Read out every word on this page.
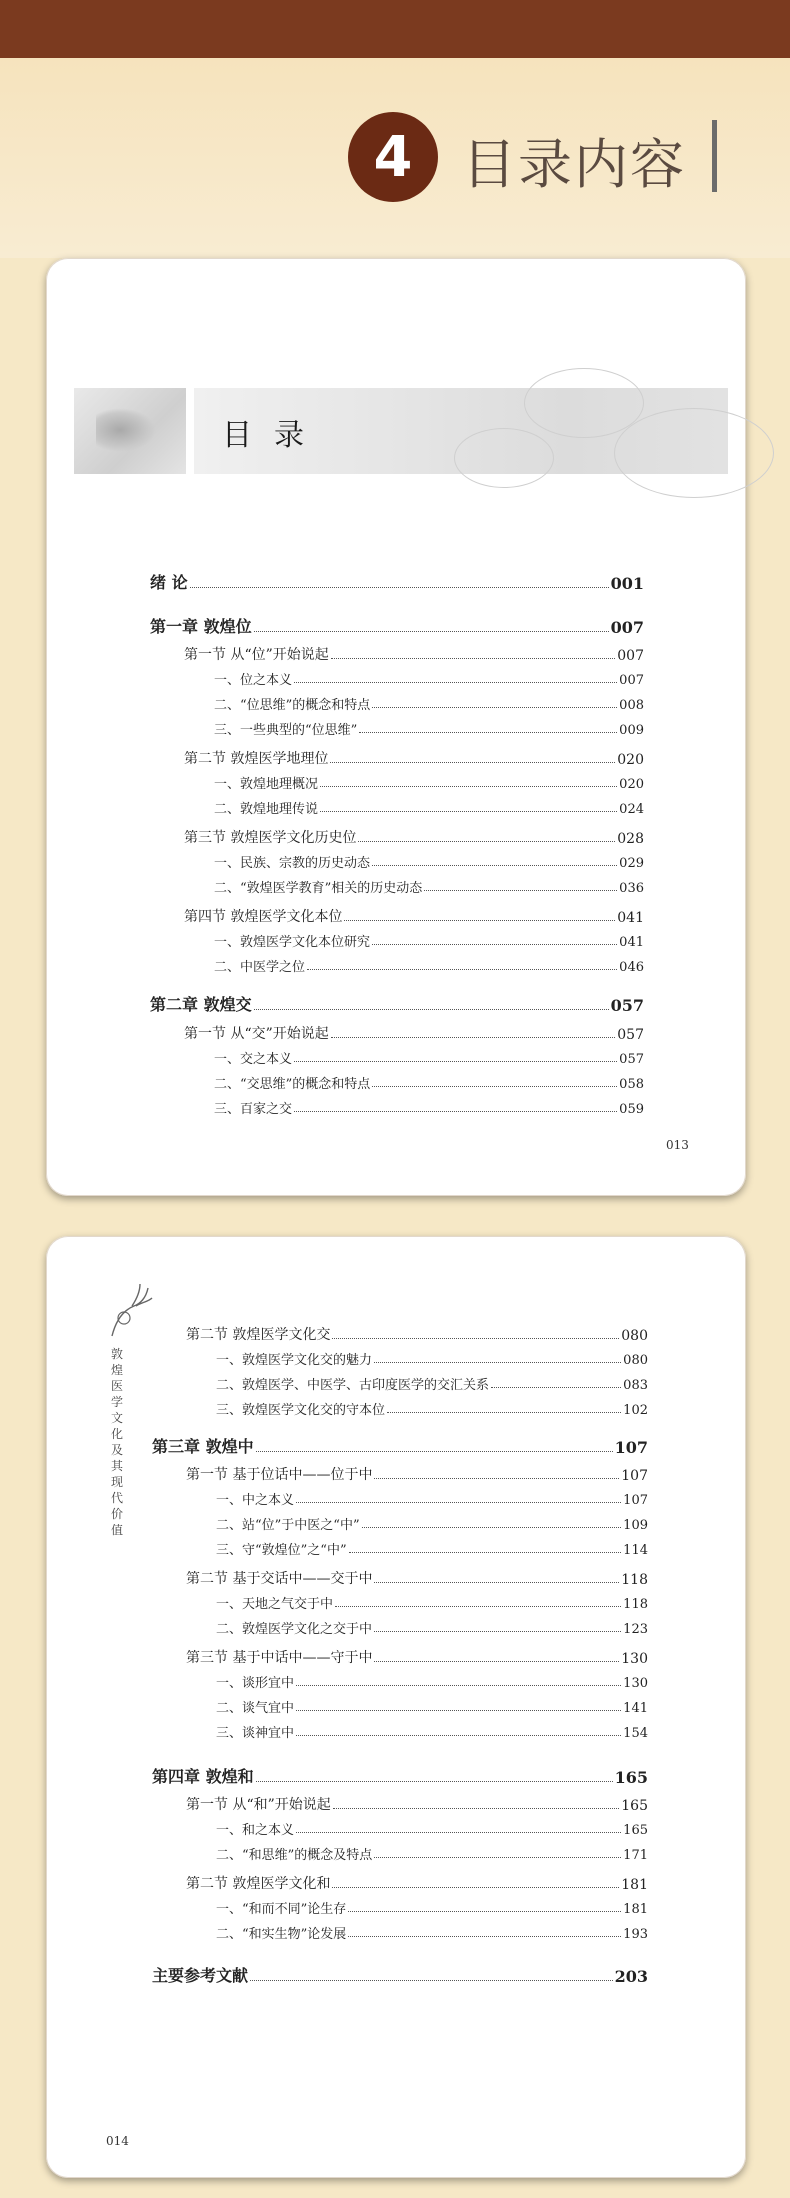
4 目录内容
目录
绪 论	001
第一章 敦煌位	007
第一节 从“位”开始说起	007
一、位之本义	007
二、“位思维”的概念和特点	008
三、一些典型的“位思维”	009
第二节 敦煌医学地理位	020
一、敦煌地理概况	020
二、敦煌地理传说	024
第三节 敦煌医学文化历史位	028
一、民族、宗教的历史动态	029
二、“敦煌医学教育”相关的历史动态	036
第四节 敦煌医学文化本位	041
一、敦煌医学文化本位研究	041
二、中医学之位	046
第二章 敦煌交	057
第一节 从“交”开始说起	057
一、交之本义	057
二、“交思维”的概念和特点	058
三、百家之交	059
013
敦煌医学文化及其现代价值
第二节 敦煌医学文化交	080
一、敦煌医学文化交的魅力	080
二、敦煌医学、中医学、古印度医学的交汇关系	083
三、敦煌医学文化交的守本位	102
第三章 敦煌中	107
第一节 基于位话中——位于中	107
一、中之本义	107
二、站“位”于中医之“中”	109
三、守“敦煌位”之“中”	114
第二节 基于交话中——交于中	118
一、天地之气交于中	118
二、敦煌医学文化之交于中	123
第三节 基于中话中——守于中	130
一、谈形宜中	130
二、谈气宜中	141
三、谈神宜中	154
第四章 敦煌和	165
第一节 从“和”开始说起	165
一、和之本义	165
二、“和思维”的概念及特点	171
第二节 敦煌医学文化和	181
一、“和而不同”论生存	181
二、“和实生物”论发展	193
主要参考文献	203
014
